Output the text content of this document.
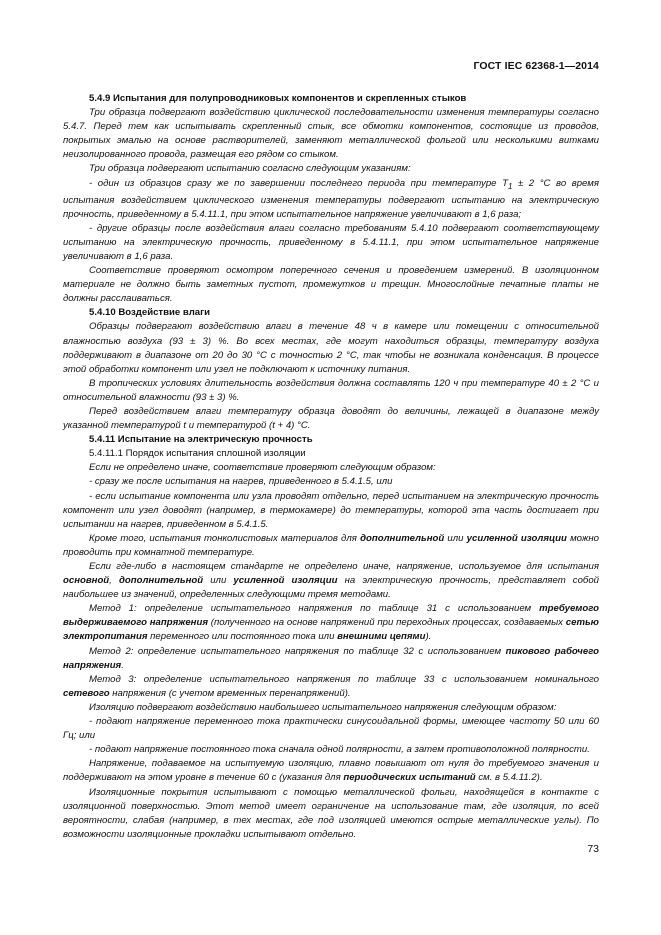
ГОСТ IEC 62368-1—2014
5.4.9 Испытания для полупроводниковых компонентов и скрепленных стыков

Три образца подвергают воздействию циклической последовательности изменения температуры согласно 5.4.7. Перед тем как испытывать скрепленный стык, все обмотки компонентов, состоящие из проводов, покрытых эмалью на основе растворителей, заменяют металлической фольгой или несколькими витками неизолированного провода, размещая его рядом со стыком.

Три образца подвергают испытанию согласно следующим указаниям:

- один из образцов сразу же по завершении последнего периода при температуре $T_1 \pm 2$ °C во время испытания воздействием циклического изменения температуры подвергают испытанию на электрическую прочность, приведенному в 5.4.11.1, при этом испытательное напряжение увеличивают в 1,6 раза;

- другие образцы после воздействия влаги согласно требованиям 5.4.10 подвергают соответствующему испытанию на электрическую прочность, приведенному в 5.4.11.1, при этом испытательное напряжение увеличивают в 1,6 раза.

Соответствие проверяют осмотром поперечного сечения и проведением измерений. В изоляционном материале не должно быть заметных пустот, промежутков и трещин. Многослойные печатные платы не должны расслаиваться.

5.4.10 Воздействие влаги

Образцы подвергают воздействию влаги в течение 48 ч в камере или помещении с относительной влажностью воздуха (93 ± 3) %. Во всех местах, где могут находиться образцы, температуру воздуха поддерживают в диапазоне от 20 до 30 °C с точностью 2 °C, так чтобы не возникала конденсация. В процессе этой обработки компонент или узел не подключают к источнику питания.

В тропических условиях длительность воздействия должна составлять 120 ч при температуре 40 ± 2 °C и относительной влажности (93 ± 3) %.

Перед воздействием влаги температуру образца доводят до величины, лежащей в диапазоне между указанной температурой t и температурой (t + 4) °C.

5.4.11 Испытание на электрическую прочность

5.4.11.1 Порядок испытания сплошной изоляции

Если не определено иначе, соответствие проверяют следующим образом:

- сразу же после испытания на нагрев, приведенного в 5.4.1.5, или

- если испытание компонента или узла проводят отдельно, перед испытанием на электрическую прочность компонент или узел доводят (например, в термокамере) до температуры, которой эта часть достигает при испытании на нагрев, приведенном в 5.4.1.5.

Кроме того, испытания тонколистовых материалов для дополнительной или усиленной изоляции можно проводить при комнатной температуре.

Если где-либо в настоящем стандарте не определено иначе, напряжение, используемое для испытания основной, дополнительной или усиленной изоляции на электрическую прочность, представляет собой наибольшее из значений, определенных следующими тремя методами.

Метод 1: определение испытательного напряжения по таблице 31 с использованием требуемого выдерживаемого напряжения (полученного на основе напряжений при переходных процессах, создаваемых сетью электропитания переменного или постоянного тока или внешними цепями).

Метод 2: определение испытательного напряжения по таблице 32 с использованием пикового рабочего напряжения.

Метод 3: определение испытательного напряжения по таблице 33 с использованием номинального сетевого напряжения (с учетом временных перенапряжений).

Изоляцию подвергают воздействию наибольшего испытательного напряжения следующим образом:

- подают напряжение переменного тока практически синусоидальной формы, имеющее частоту 50 или 60 Гц; или

- подают напряжение постоянного тока сначала одной полярности, а затем противоположной полярности.

Напряжение, подаваемое на испытуемую изоляцию, плавно повышают от нуля до требуемого значения и поддерживают на этом уровне в течение 60 с (указания для периодических испытаний см. в 5.4.11.2).

Изоляционные покрытия испытывают с помощью металлической фольги, находящейся в контакте с изоляционной поверхностью. Этот метод имеет ограничение на использование там, где изоляция, по всей вероятности, слабая (например, в тех местах, где под изоляцией имеются острые металлические углы). По возможности изоляционные прокладки испытывают отдельно.

73
